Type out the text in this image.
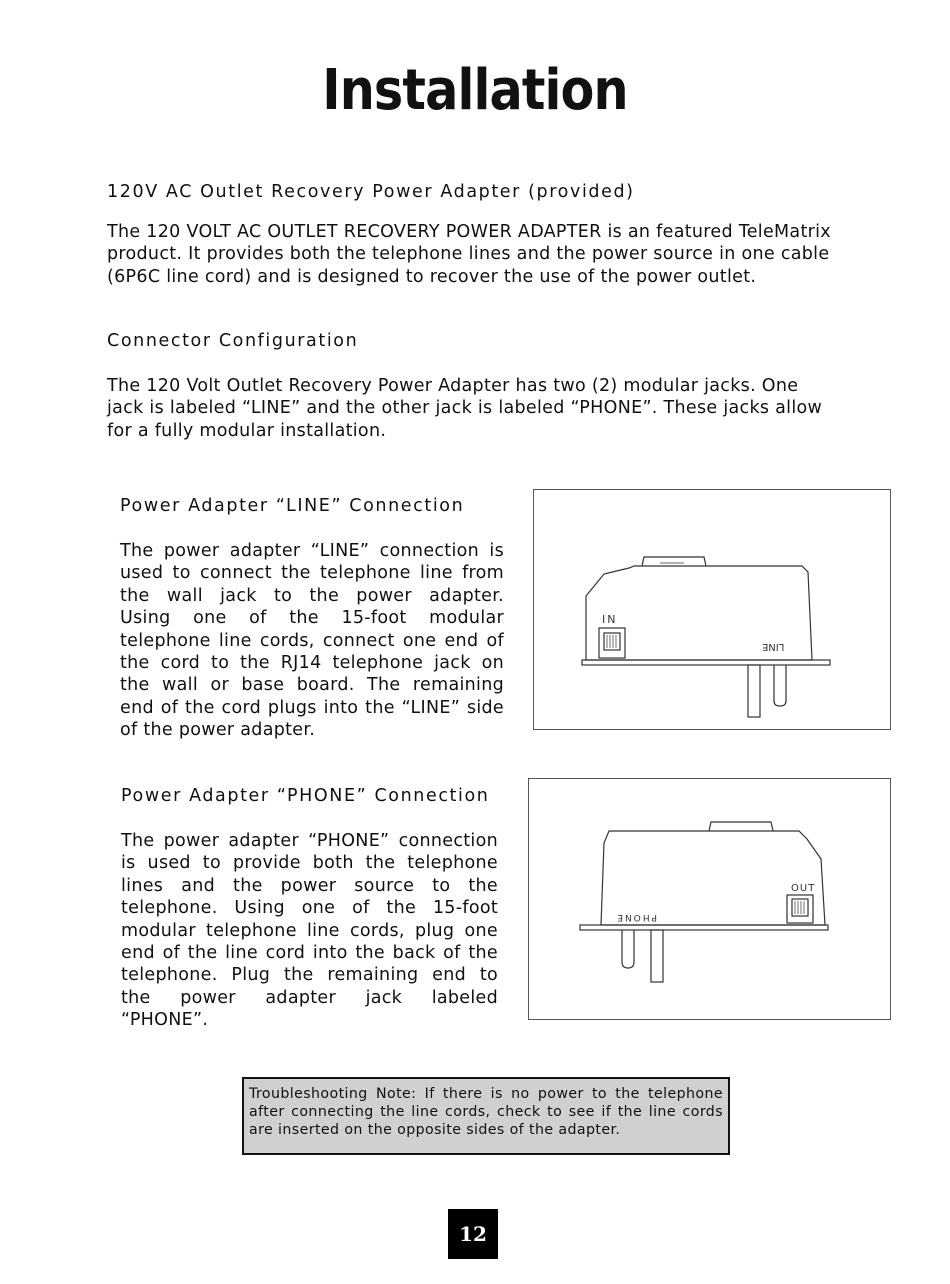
Installation
120V AC Outlet Recovery Power Adapter (provided)
The 120 VOLT AC OUTLET RECOVERY POWER ADAPTER is an featured TeleMatrix
product. It provides both the telephone lines and the power source in one cable
(6P6C line cord) and is designed to recover the use of the power outlet.
Connector Configuration
The 120 Volt Outlet Recovery Power Adapter has two (2) modular jacks. One
jack is labeled “LINE” and the other jack is labeled “PHONE”. These jacks allow
for a fully modular installation.
Power Adapter “LINE” Connection
The power adapter “LINE” connection is
used to connect the telephone line from
the wall jack to the power adapter.
Using one of the 15-foot modular
telephone line cords, connect one end of
the cord to the RJ14 telephone jack on
the wall or base board. The remaining
end of the cord plugs into the “LINE” side
of the power adapter.
IN
LINE
Power Adapter “PHONE” Connection
The power adapter “PHONE” connection
is used to provide both the telephone
lines and the power source to the
telephone. Using one of the 15-foot
modular telephone line cords, plug one
end of the line cord into the back of the
telephone. Plug the remaining end to
the power adapter jack labeled
“PHONE”.
OUT
PHONE
Troubleshooting Note: If there is no power to the telephone
after connecting the line cords, check to see if the line cords
are inserted on the opposite sides of the adapter.
12
